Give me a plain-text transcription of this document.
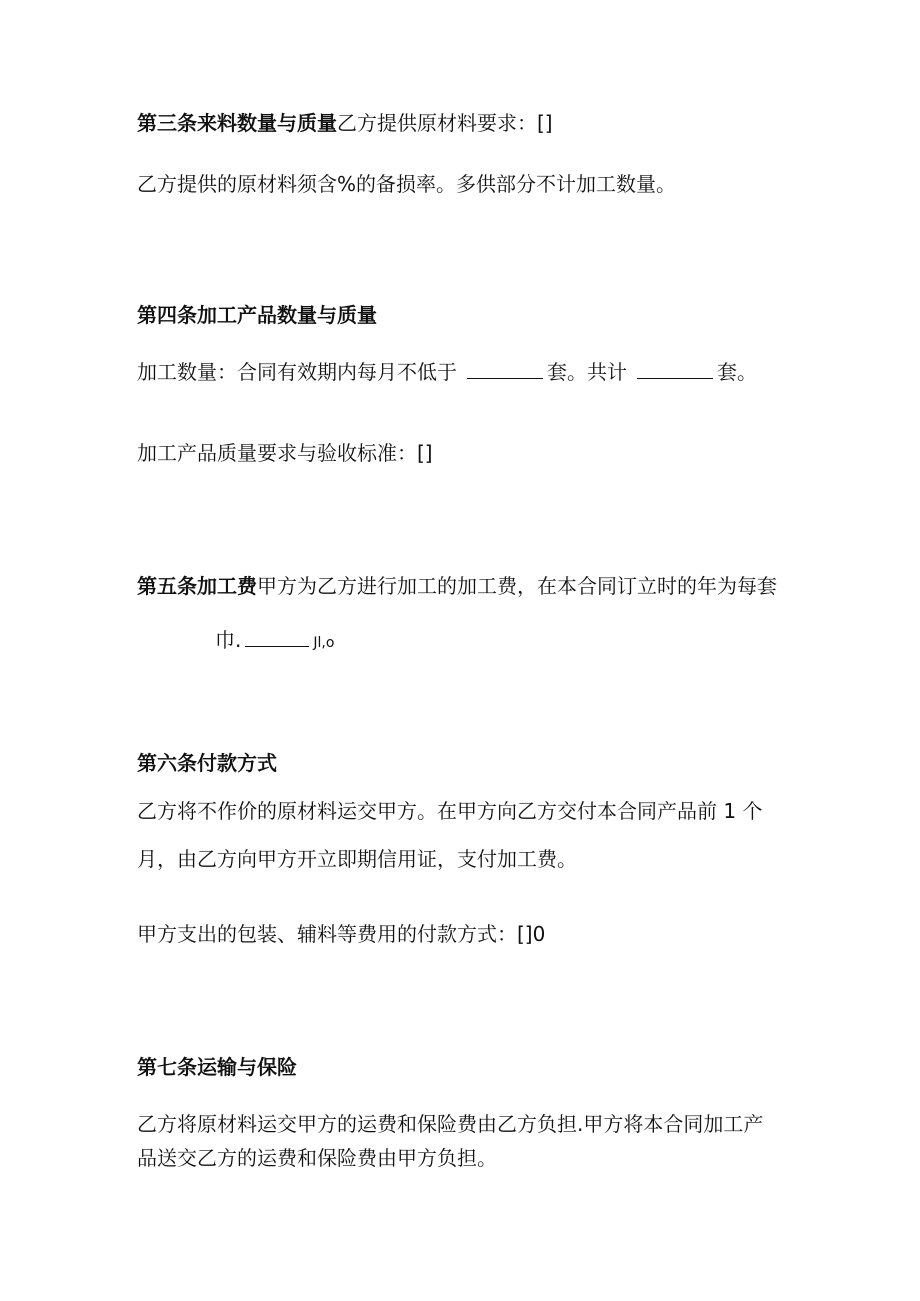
第三条来料数量与质量乙方提供原材料要求：[]

乙方提供的原材料须含%的备损率。多供部分不计加工数量。

第四条加工产品数量与质量

加工数量：合同有效期内每月不低于	套。共计	套。

加工产品质量要求与验收标准：[]

第五条加工费甲方为乙方进行加工的加工费，在本合同订立时的年为每套

巾.	Jl,o

第六条付款方式

乙方将不作价的原材料运交甲方。在甲方向乙方交付本合同产品前 1 个

月，由乙方向甲方开立即期信用证，支付加工费。

甲方支出的包装、辅料等费用的付款方式：[]0

第七条运输与保险

乙方将原材料运交甲方的运费和保险费由乙方负担.甲方将本合同加工产

品送交乙方的运费和保险费由甲方负担。
